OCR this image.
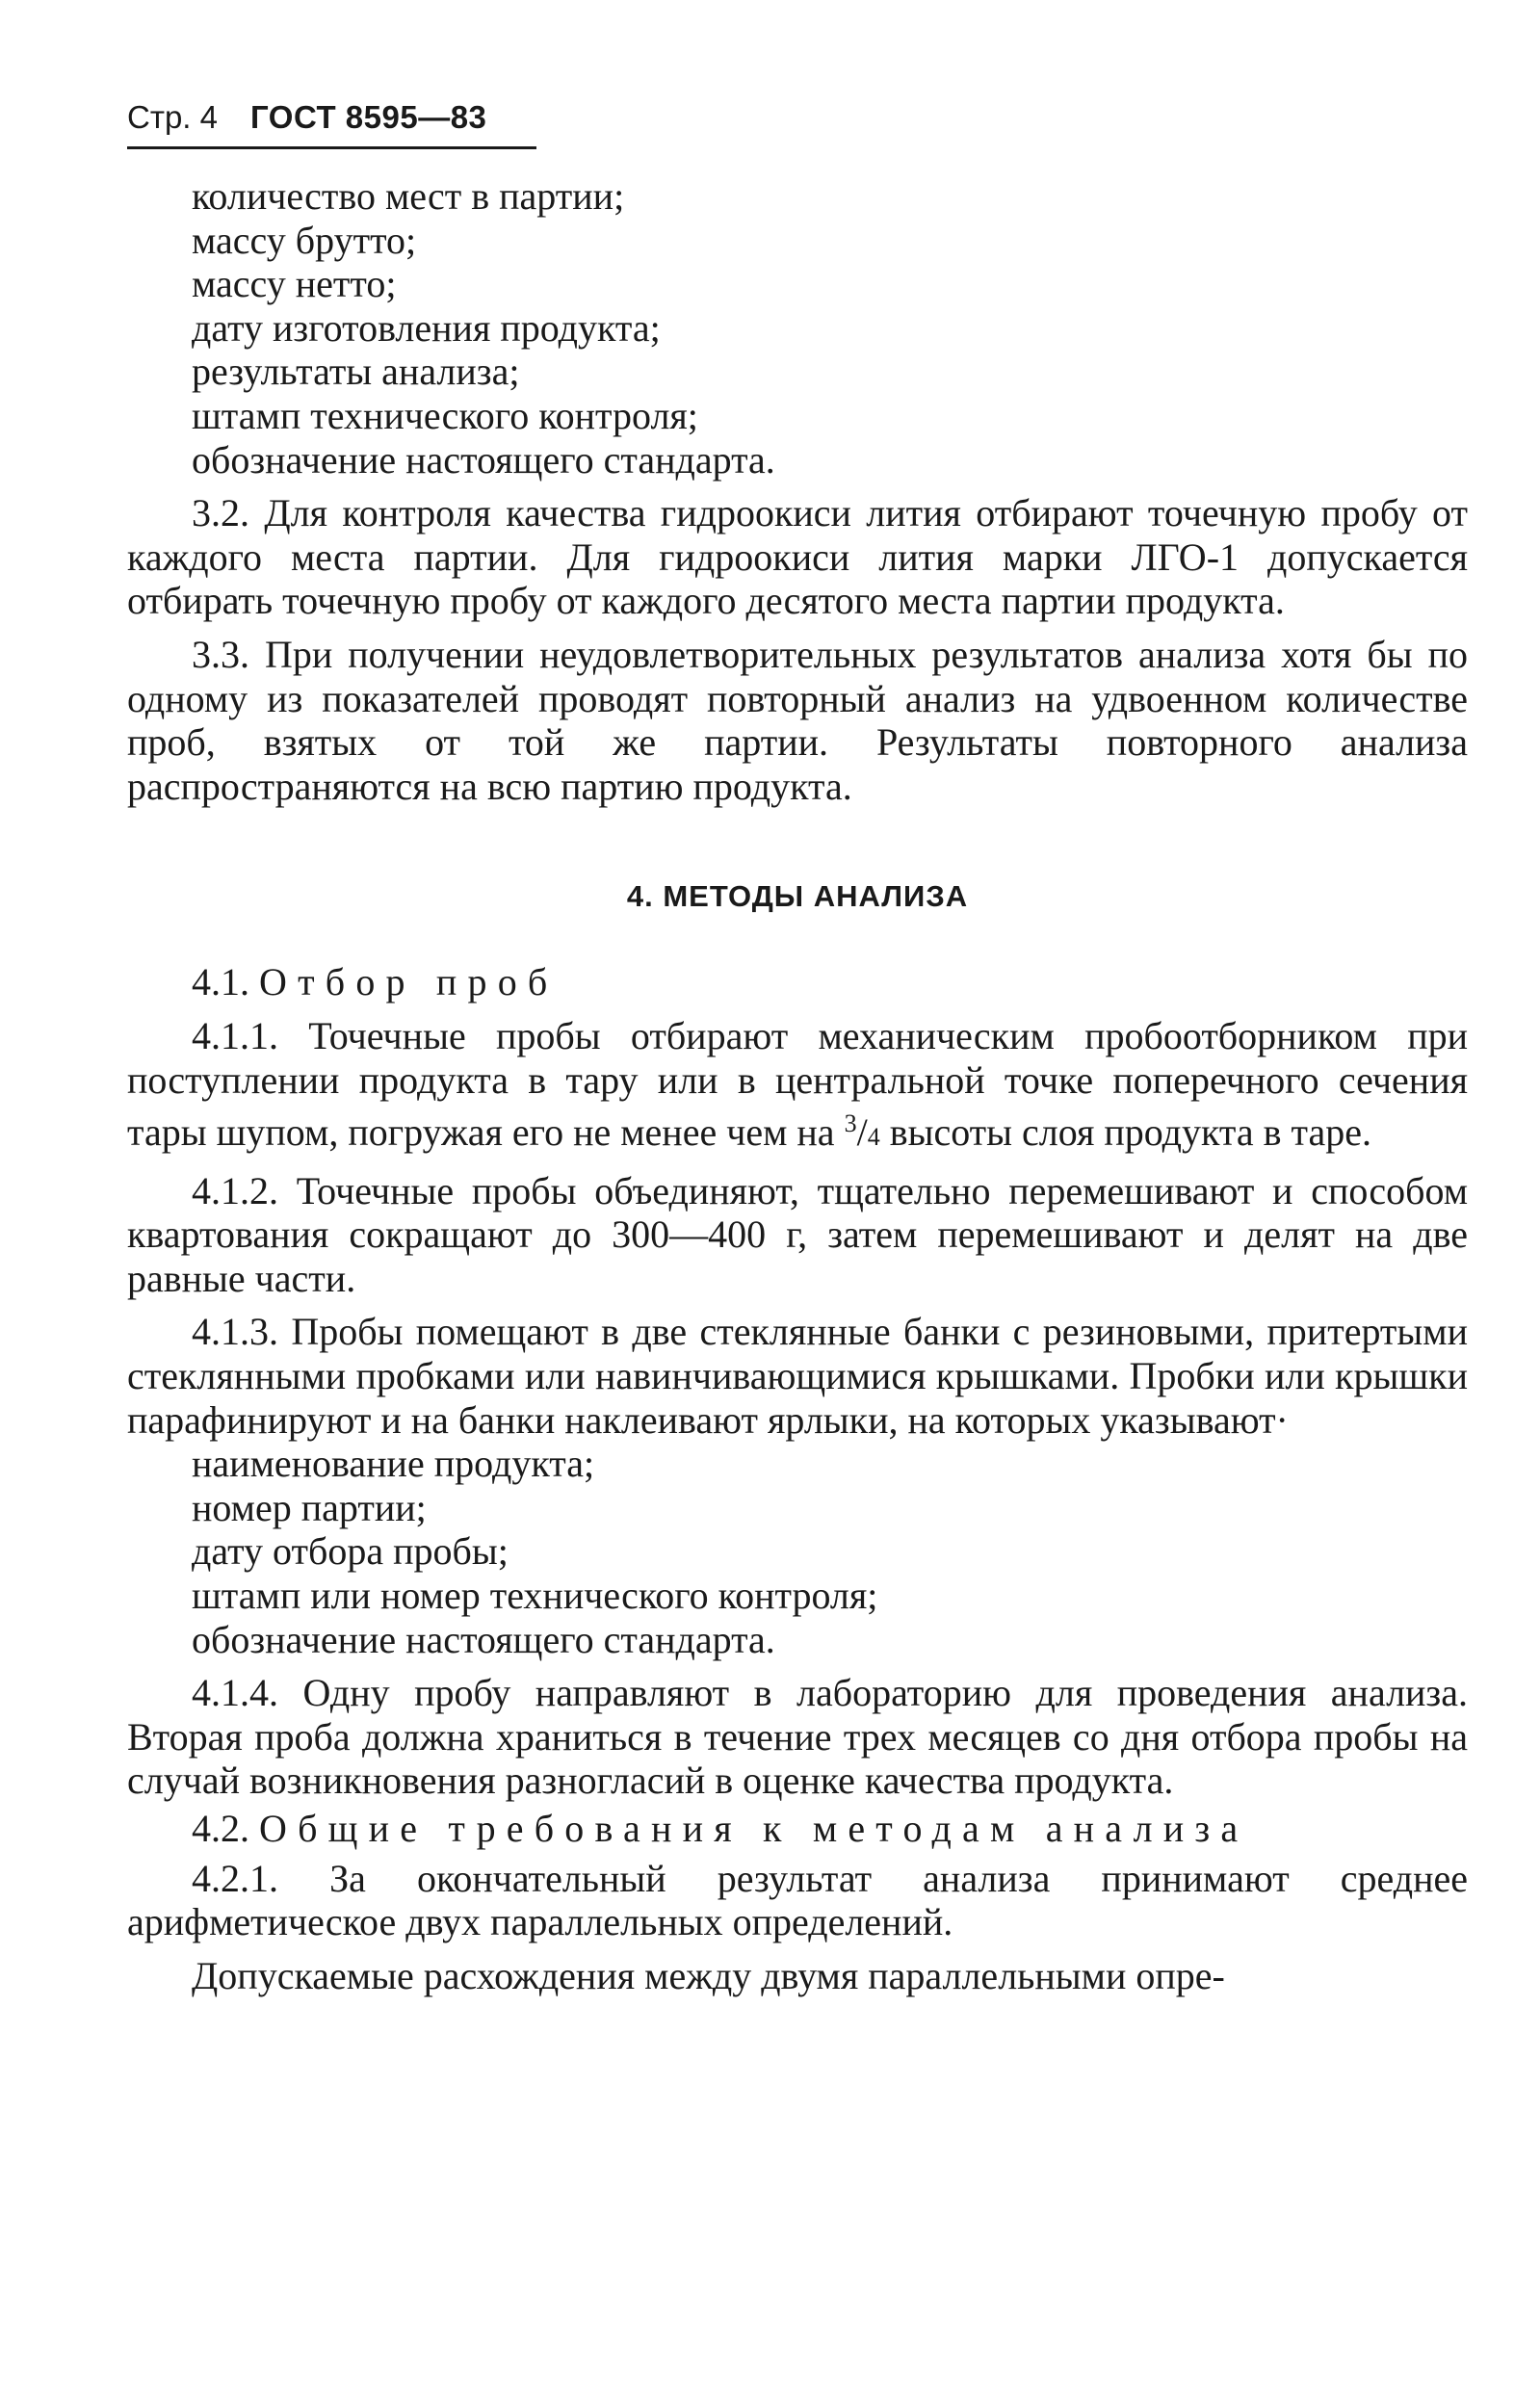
Стр. 4 ГОСТ 8595—83
количество мест в партии;
массу брутто;
массу нетто;
дату изготовления продукта;
результаты анализа;
штамп технического контроля;
обозначение настоящего стандарта.

3.2. Для контроля качества гидроокиси лития отбирают точечную пробу от каждого места партии. Для гидроокиси лития марки ЛГО-1 допускается отбирать точечную пробу от каждого десятого места партии продукта.

3.3. При получении неудовлетворительных результатов анализа хотя бы по одному из показателей проводят повторный анализ на удвоенном количестве проб, взятых от той же партии. Результаты повторного анализа распространяются на всю партию продукта.

4. МЕТОДЫ АНАЛИЗА
4.1. Отбор проб

4.1.1. Точечные пробы отбирают механическим пробоотборником при поступлении продукта в тару или в центральной точке поперечного сечения тары шупом, погружая его не менее чем на $^3$/4 высоты слоя продукта в таре.

4.1.2. Точечные пробы объединяют, тщательно перемешивают и способом квартования сокращают до 300—400 г, затем перемешивают и делят на две равные части.

4.1.3. Пробы помещают в две стеклянные банки с резиновыми, притертыми стеклянными пробками или навинчивающимися крышками. Пробки или крышки парафинируют и на банки наклеивают ярлыки, на которых указывают·

наименование продукта;
номер партии;
дату отбора пробы;
штамп или номер технического контроля;
обозначение настоящего стандарта.

4.1.4. Одну пробу направляют в лабораторию для проведения анализа. Вторая проба должна храниться в течение трех месяцев со дня отбора пробы на случай возникновения разногласий в оценке качества продукта.

4.2. Общие требования к методам анализа

4.2.1. За окончательный результат анализа принимают среднее арифметическое двух параллельных определений.

Допускаемые расхождения между двумя параллельными опре-
